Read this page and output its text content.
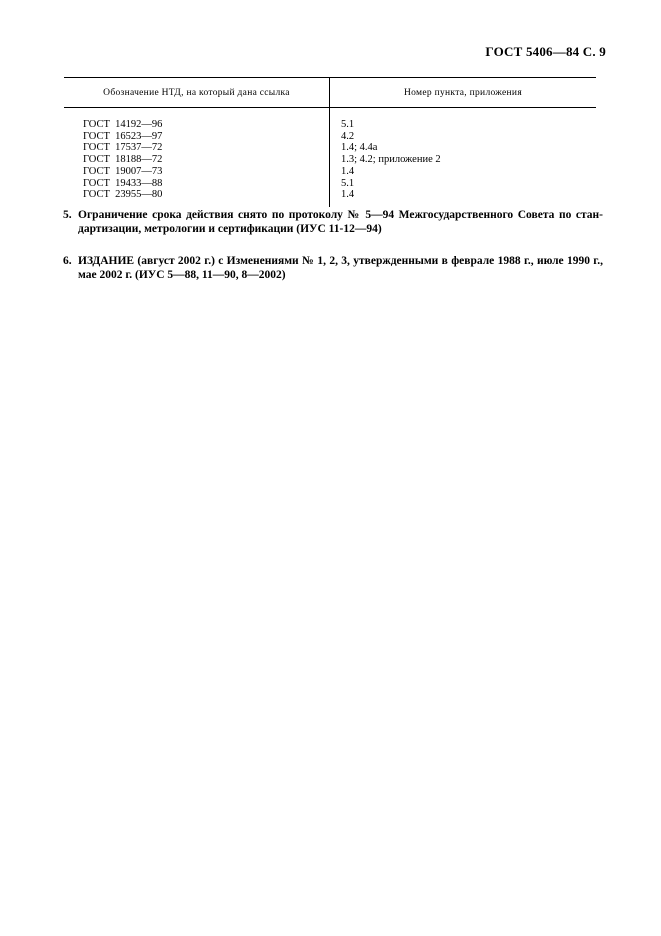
ГОСТ 5406—84 С. 9
Обозначение НТД, на который дана ссылка	Номер пункта, приложения
ГОСТ  14192—96
ГОСТ  16523—97
ГОСТ  17537—72
ГОСТ  18188—72
ГОСТ  19007—73
ГОСТ  19433—88
ГОСТ  23955—80
5.1
4.2
1.4; 4.4а
1.3; 4.2; приложение 2
1.4
5.1
1.4
5. Ограничение срока действия снято по протоколу № 5—94 Межгосударственного Совета по стан-дартизации, метрологии и сертификации (ИУС 11-12—94)
6. ИЗДАНИЕ (август 2002 г.) с Изменениями № 1, 2, 3, утвержденными в феврале 1988 г., июле 1990 г., мае 2002 г. (ИУС 5—88, 11—90, 8—2002)
